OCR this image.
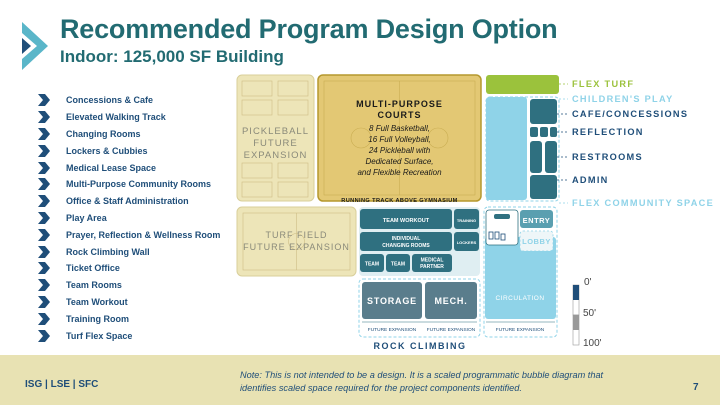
Recommended Program Design Option
Indoor: 125,000 SF Building
Concessions & Cafe
Elevated Walking Track
Changing Rooms
Lockers & Cubbies
Medical Lease Space
Multi-Purpose Community Rooms
Office & Staff Administration
Play Area
Prayer, Reflection & Wellness Room
Rock Climbing Wall
Ticket Office
Team Rooms
Team Workout
Training Room
Turf Flex Space
PICKLEBALL
FUTURE
EXPANSION
MULTI-PURPOSE
COURTS
8 Full Basketball,
16 Full Volleyball,
24 Pickleball with
Dedicated Surface,
and Flexible Recreation
RUNNING TRACK ABOVE GYMNASIUM
TURF FIELD
FUTURE EXPANSION
TEAM WORKOUT	TRAINING
INDIVIDUAL
CHANGING ROOMS
LOCKERS
TEAM TEAM
MEDICAL
PARTNER
CIRCULATION
ENTRY
LOBBY
FUTURE EXPANSION
STORAGE MECH.
FUTURE EXPANSION FUTURE EXPANSION
ROCK CLIMBING
FLEX TURF
CHILDREN'S PLAY
CAFE/CONCESSIONS
REFLECTION
RESTROOMS
ADMIN
FLEX COMMUNITY SPACE
0'
50'
100'
ISG | LSE | SFC
Note: This is not intended to be a design. It is a scaled programmatic bubble diagram that identifies scaled space required for the project components identified.	7
